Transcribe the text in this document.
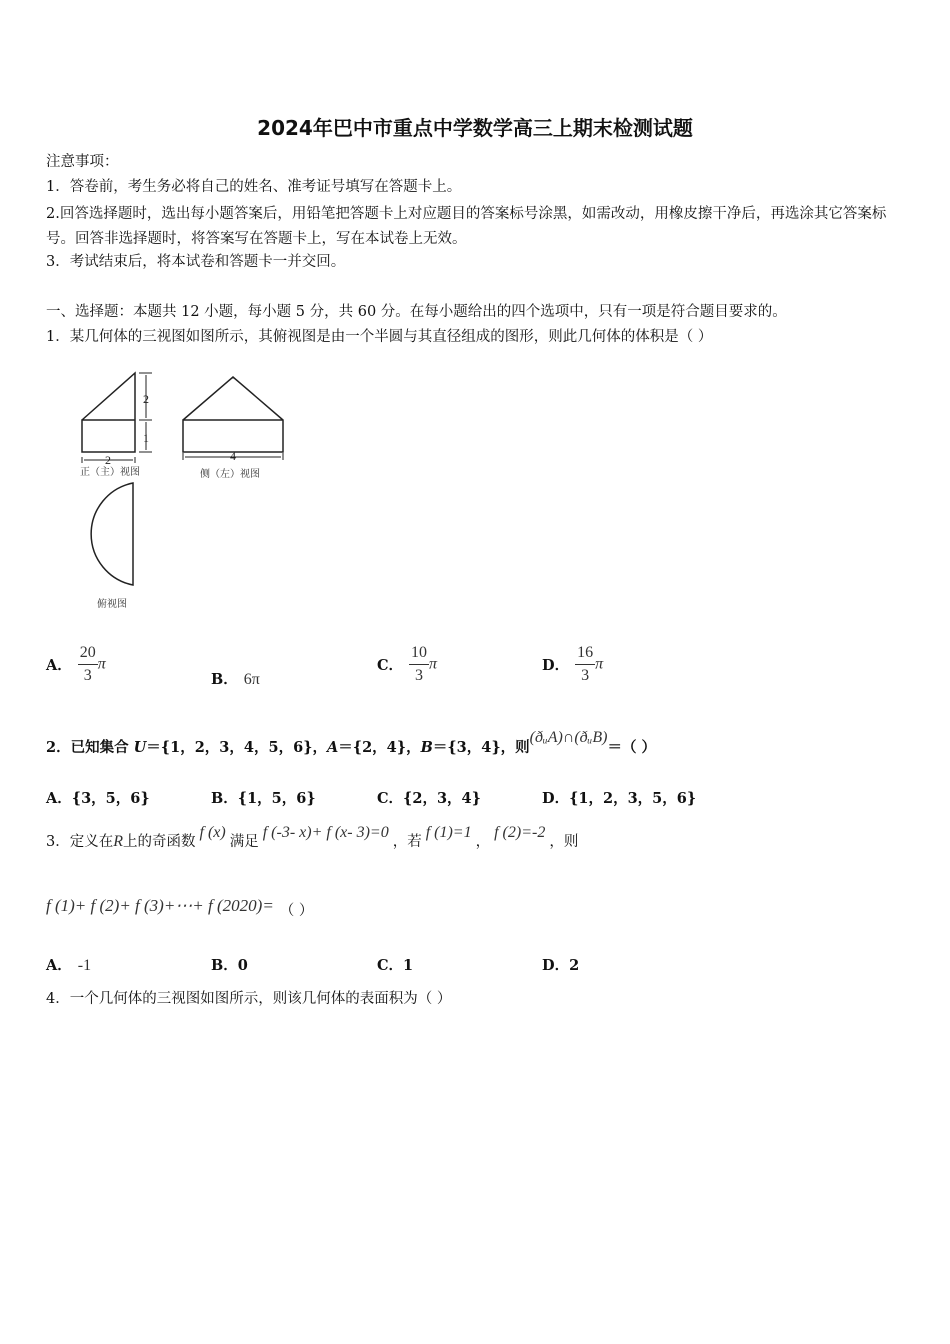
2024年巴中市重点中学数学高三上期末检测试题
注意事项：
1．答卷前，考生务必将自己的姓名、准考证号填写在答题卡上。
2.回答选择题时，选出每小题答案后，用铅笔把答题卡上对应题目的答案标号涂黑，如需改动，用橡皮擦干净后，再选涂其它答案标号。回答非选择题时，将答案写在答题卡上，写在本试卷上无效。
3．考试结束后，将本试卷和答题卡一并交回。
一、选择题：本题共 12 小题，每小题 5 分，共 60 分。在每小题给出的四个选项中，只有一项是符合题目要求的。
1．某几何体的三视图如图所示，其俯视图是由一个半圆与其直径组成的图形，则此几何体的体积是（ ）
2
1
2
正（主）视图
4
侧（左）视图
俯视图
A． $\frac{20}{3}$ π
B． 6π
C． $\frac{10}{3}$ π	D． $\frac{16}{3}$ π
2．已知集合 U＝{1，2，3，4，5，6}，A＝{2，4}，B＝{3，4}，则(ðᵤA)∩(ðᵤB)＝（ ）
A．{3，5，6}	B．{1，5，6}	C．{2，3，4}	D．{1，2，3，5，6}
3．定义在R上的奇函数f (x)满足f (-3- x)+ f (x- 3)=0，若f (1)=1，f (2)=-2，则
f (1)+ f (2)+ f (3)+⋯+ f (2020)= （ ）
A． -1	B．0	C．1	D．2
4．一个几何体的三视图如图所示，则该几何体的表面积为（ ）
